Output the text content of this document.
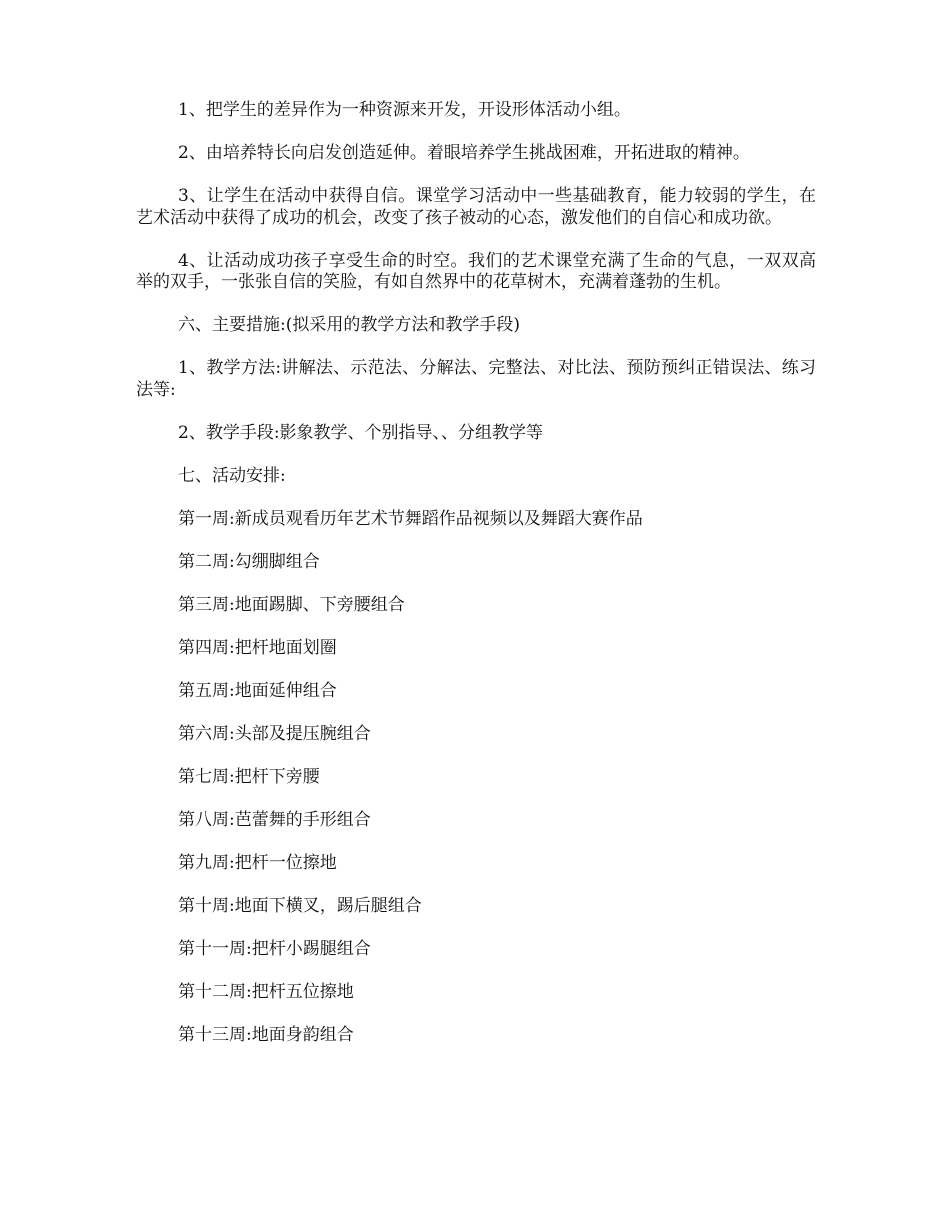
1、把学生的差异作为一种资源来开发，开设形体活动小组。

2、由培养特长向启发创造延伸。着眼培养学生挑战困难，开拓进取的精神。

3、让学生在活动中获得自信。课堂学习活动中一些基础教育，能力较弱的学生，在艺术活动中获得了成功的机会，改变了孩子被动的心态，激发他们的自信心和成功欲。

4、让活动成功孩子享受生命的时空。我们的艺术课堂充满了生命的气息，一双双高举的双手，一张张自信的笑脸，有如自然界中的花草树木，充满着蓬勃的生机。

六、主要措施:(拟采用的教学方法和教学手段)

1、教学方法:讲解法、示范法、分解法、完整法、对比法、预防预纠正错误法、练习法等:

2、教学手段:影象教学、个别指导、、分组教学等

七、活动安排:

第一周:新成员观看历年艺术节舞蹈作品视频以及舞蹈大赛作品

第二周:勾绷脚组合

第三周:地面踢脚、下旁腰组合

第四周:把杆地面划圈

第五周:地面延伸组合

第六周:头部及提压腕组合

第七周:把杆下旁腰

第八周:芭蕾舞的手形组合

第九周:把杆一位擦地

第十周:地面下横叉，踢后腿组合

第十一周:把杆小踢腿组合

第十二周:把杆五位擦地

第十三周:地面身韵组合
